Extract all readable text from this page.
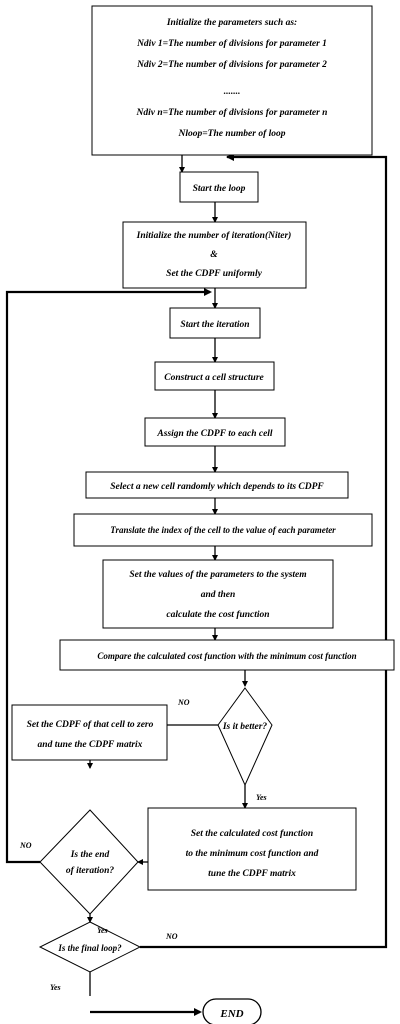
Initialize the parameters such as:
Ndiv 1=The number of divisions for parameter 1
Ndiv 2=The number of divisions for parameter 2
.......
Ndiv n=The number of divisions for parameter n
Nloop=The number of loop
Start the loop
Initialize the number of iteration(Niter)
&
Set the CDPF uniformly
Start the iteration
Construct a cell structure
Assign the CDPF to each cell
Select a new cell randomly which depends to its CDPF
Translate the index of the cell to the value of each parameter
Set the values of the parameters to the system
and then
calculate the cost function
Compare the calculated cost function with the minimum cost function
Set the CDPF of that cell to zero
and tune the CDPF matrix
Set the calculated cost function
to the minimum cost function and
tune the CDPF matrix
Is it better?
Is the end
of iteration?
Is the final loop?
END
NO
Yes
NO
Yes
NO
Yes
